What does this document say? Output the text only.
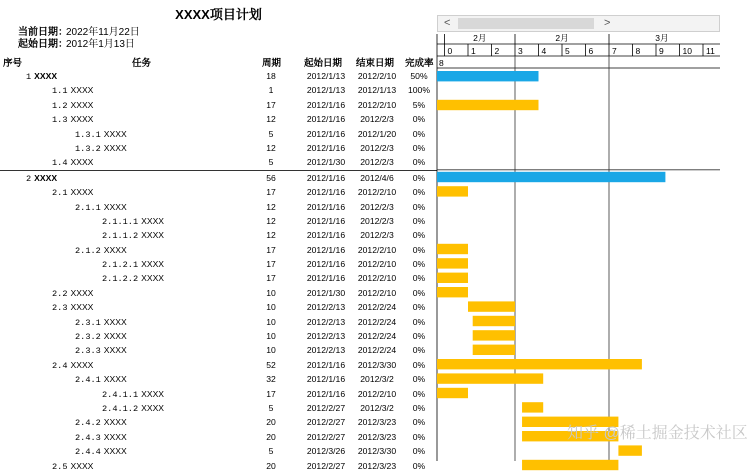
XXXX项目计划
当前日期：2022年11月22日
起始日期：2012年1月13日
序号	任务	周期 起始日期 结束日期 完成率
1 XXXX	18	2012/1/13	2012/2/10	50%
1.1 XXXX	1	2012/1/13	2012/1/13	100%
1.2 XXXX	17	2012/1/16	2012/2/10	5%
1.3 XXXX	12	2012/1/16	2012/2/3	0%
1.3.1 XXXX	5	2012/1/16	2012/1/20	0%
1.3.2 XXXX	12	2012/1/16	2012/2/3	0%
1.4 XXXX	5	2012/1/30	2012/2/3	0%
2 XXXX	56	2012/1/16	2012/4/6	0%
2.1 XXXX	17	2012/1/16	2012/2/10	0%
2.1.1 XXXX	12	2012/1/16	2012/2/3	0%
2.1.1.1 XXXX	12	2012/1/16	2012/2/3	0%
2.1.1.2 XXXX	12	2012/1/16	2012/2/3	0%
2.1.2 XXXX	17	2012/1/16	2012/2/10	0%
2.1.2.1 XXXX	17	2012/1/16	2012/2/10	0%
2.1.2.2 XXXX	17	2012/1/16	2012/2/10	0%
2.2 XXXX	10	2012/1/30	2012/2/10	0%
2.3 XXXX	10	2012/2/13	2012/2/24	0%
2.3.1 XXXX	10	2012/2/13	2012/2/24	0%
2.3.2 XXXX	10	2012/2/13	2012/2/24	0%
2.3.3 XXXX	10	2012/2/13	2012/2/24	0%
2.4 XXXX	52	2012/1/16	2012/3/30	0%
2.4.1 XXXX	32	2012/1/16	2012/3/2	0%
2.4.1.1 XXXX	17	2012/1/16	2012/2/10	0%
2.4.1.2 XXXX	5	2012/2/27	2012/3/2	0%
2.4.2 XXXX	20	2012/2/27	2012/3/23	0%
2.4.3 XXXX	20	2012/2/27	2012/3/23	0%
2.4.4 XXXX	5	2012/3/26	2012/3/30	0%
2.5 XXXX	20	2012/2/27	2012/3/23	0%
2月	2月	3月
0 1 2 3 4 5 6 7 8 9 10 11
8
<	>
知乎 @稀土掘金技术社区
